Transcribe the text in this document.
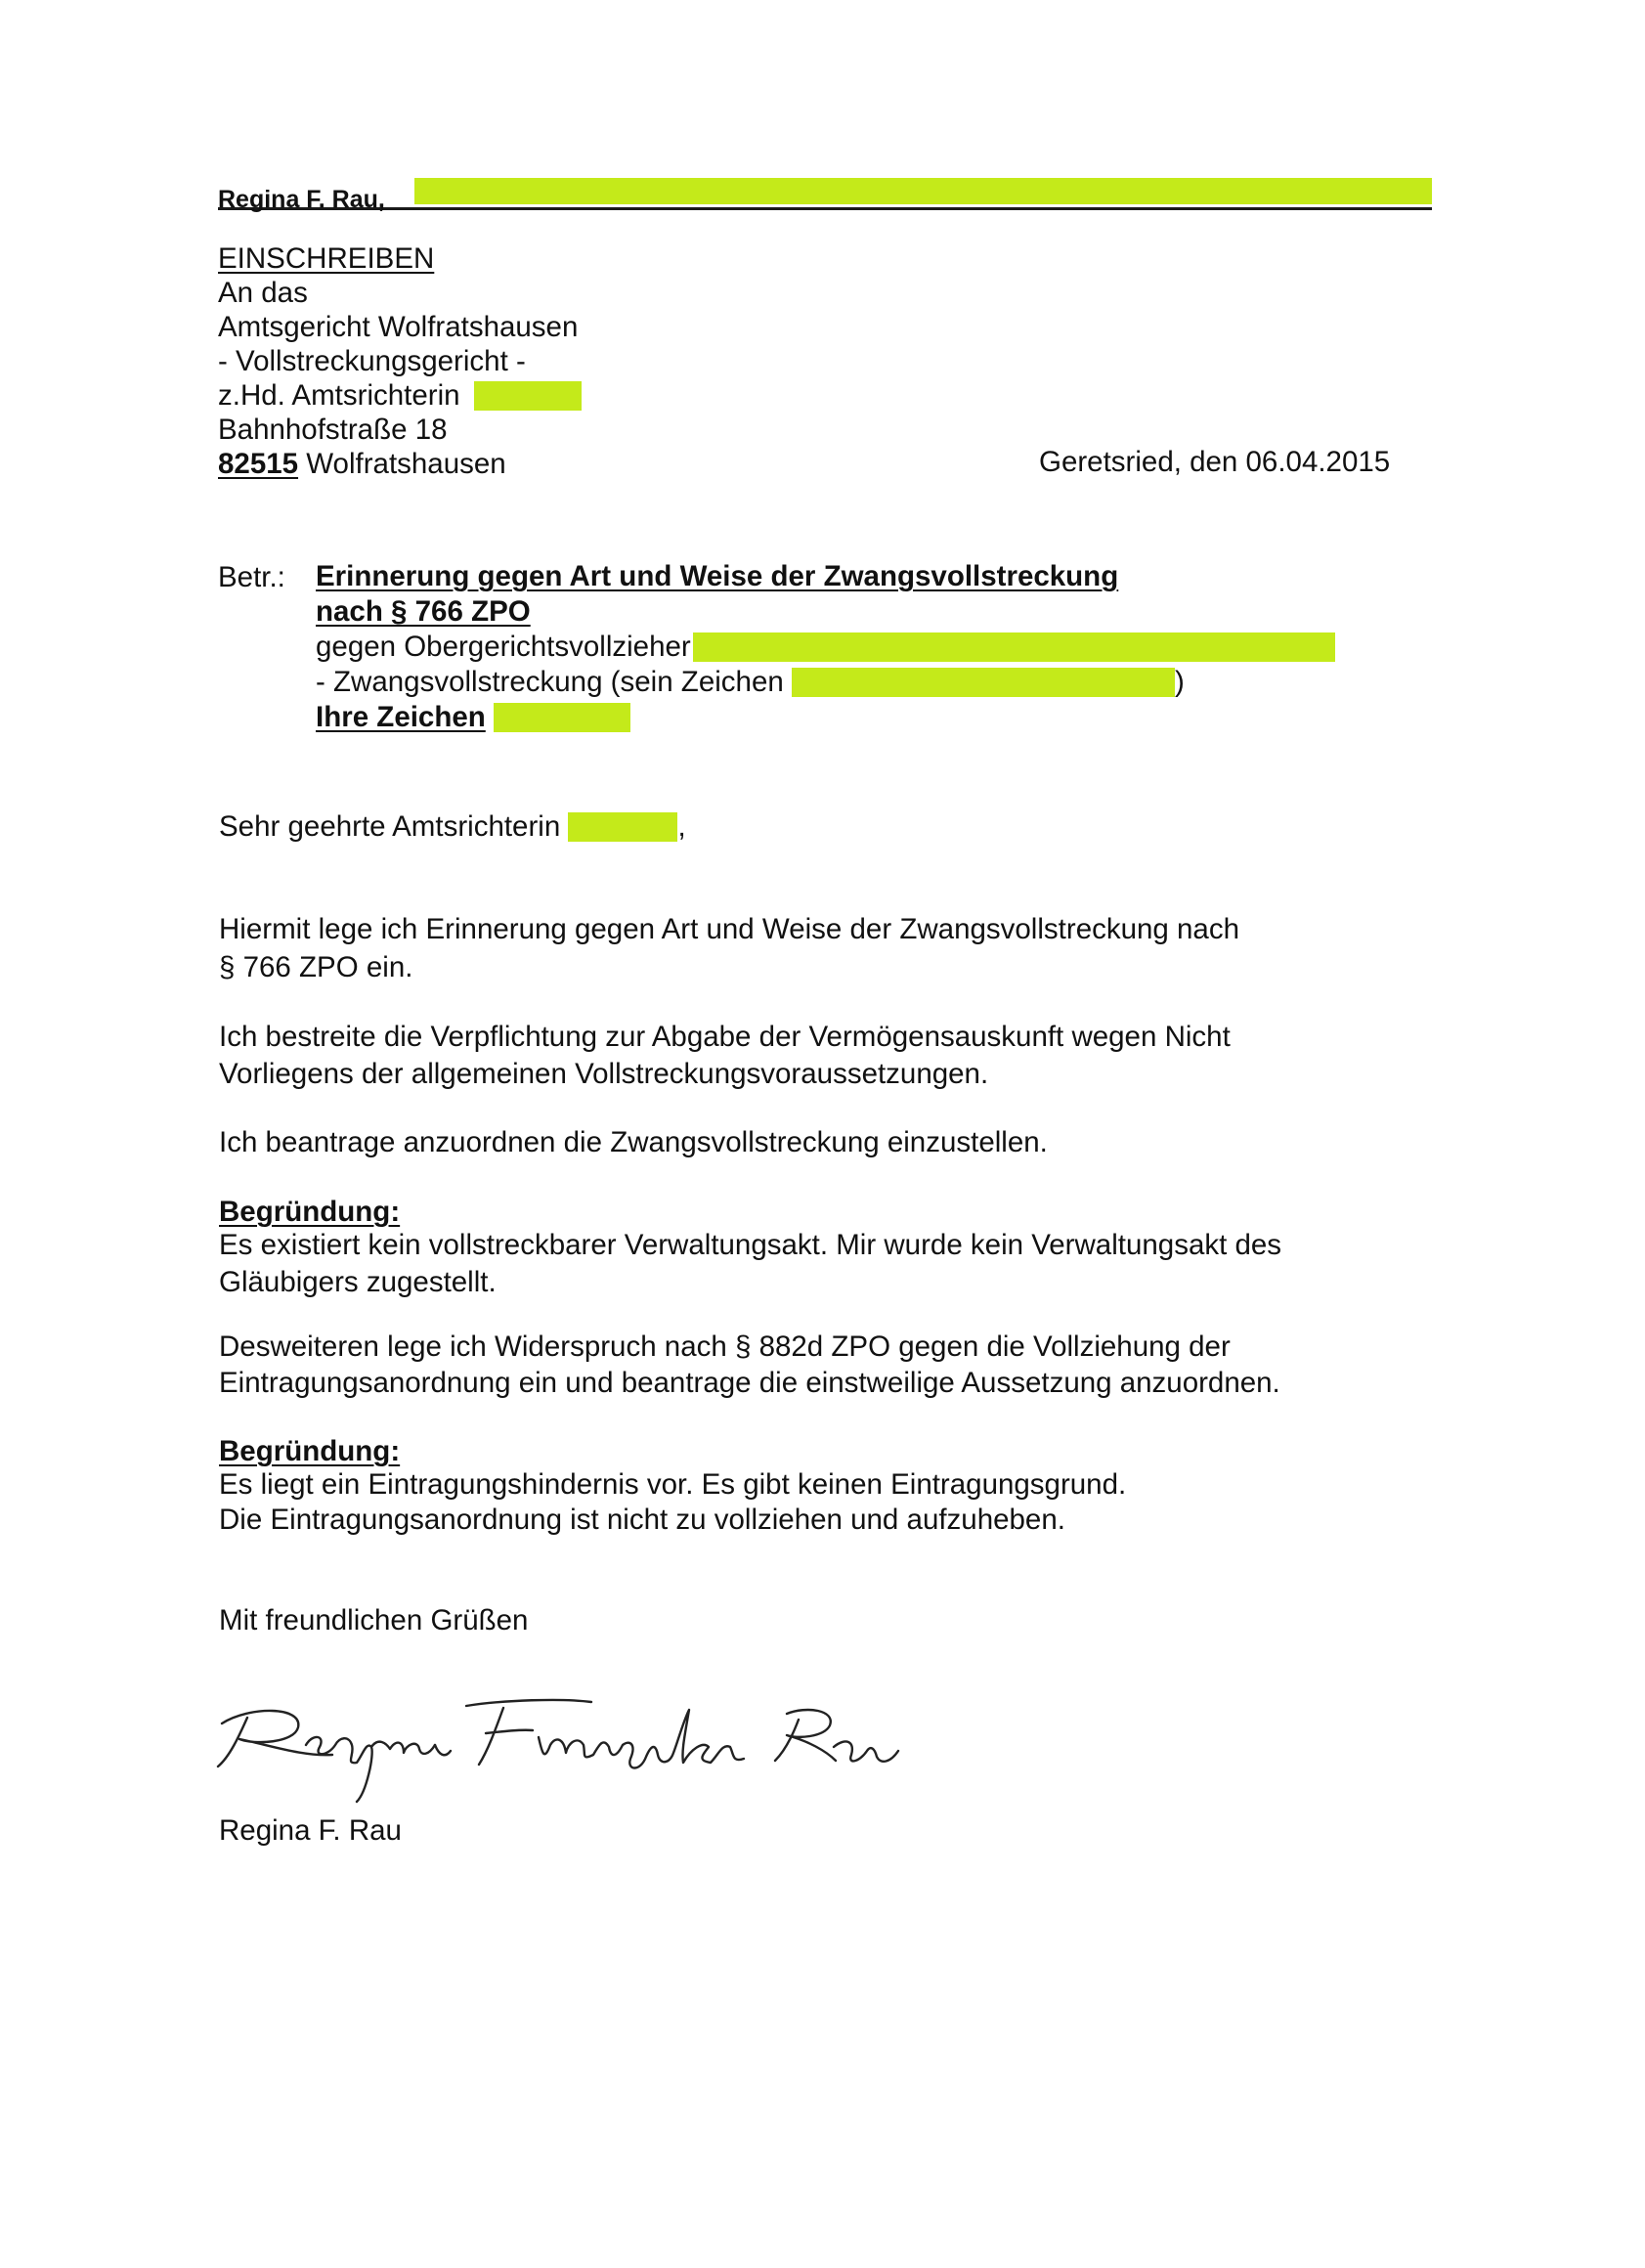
Regina F. Rau,
EINSCHREIBEN
An das
Amtsgericht Wolfratshausen
- Vollstreckungsgericht -
z.Hd. Amtsrichterin
Bahnhofstraße 18
82515 Wolfratshausen	Geretsried, den 06.04.2015
Betr.: Erinnerung gegen Art und Weise der Zwangsvollstreckung
nach § 766 ZPO
gegen Obergerichtsvollzieher
- Zwangsvollstreckung (sein Zeichen	)
Ihre Zeichen
Sehr geehrte Amtsrichterin	,
Hiermit lege ich Erinnerung gegen Art und Weise der Zwangsvollstreckung nach
§ 766 ZPO ein.
Ich bestreite die Verpflichtung zur Abgabe der Vermögensauskunft wegen Nicht
Vorliegens der allgemeinen Vollstreckungsvoraussetzungen.
Ich beantrage anzuordnen die Zwangsvollstreckung einzustellen.
Begründung:
Es existiert kein vollstreckbarer Verwaltungsakt. Mir wurde kein Verwaltungsakt des
Gläubigers zugestellt.
Desweiteren lege ich Widerspruch nach § 882d ZPO gegen die Vollziehung der
Eintragungsanordnung ein und beantrage die einstweilige Aussetzung anzuordnen.
Begründung:
Es liegt ein Eintragungshindernis vor. Es gibt keinen Eintragungsgrund.
Die Eintragungsanordnung ist nicht zu vollziehen und aufzuheben.
Mit freundlichen Grüßen
Regina F. Rau
